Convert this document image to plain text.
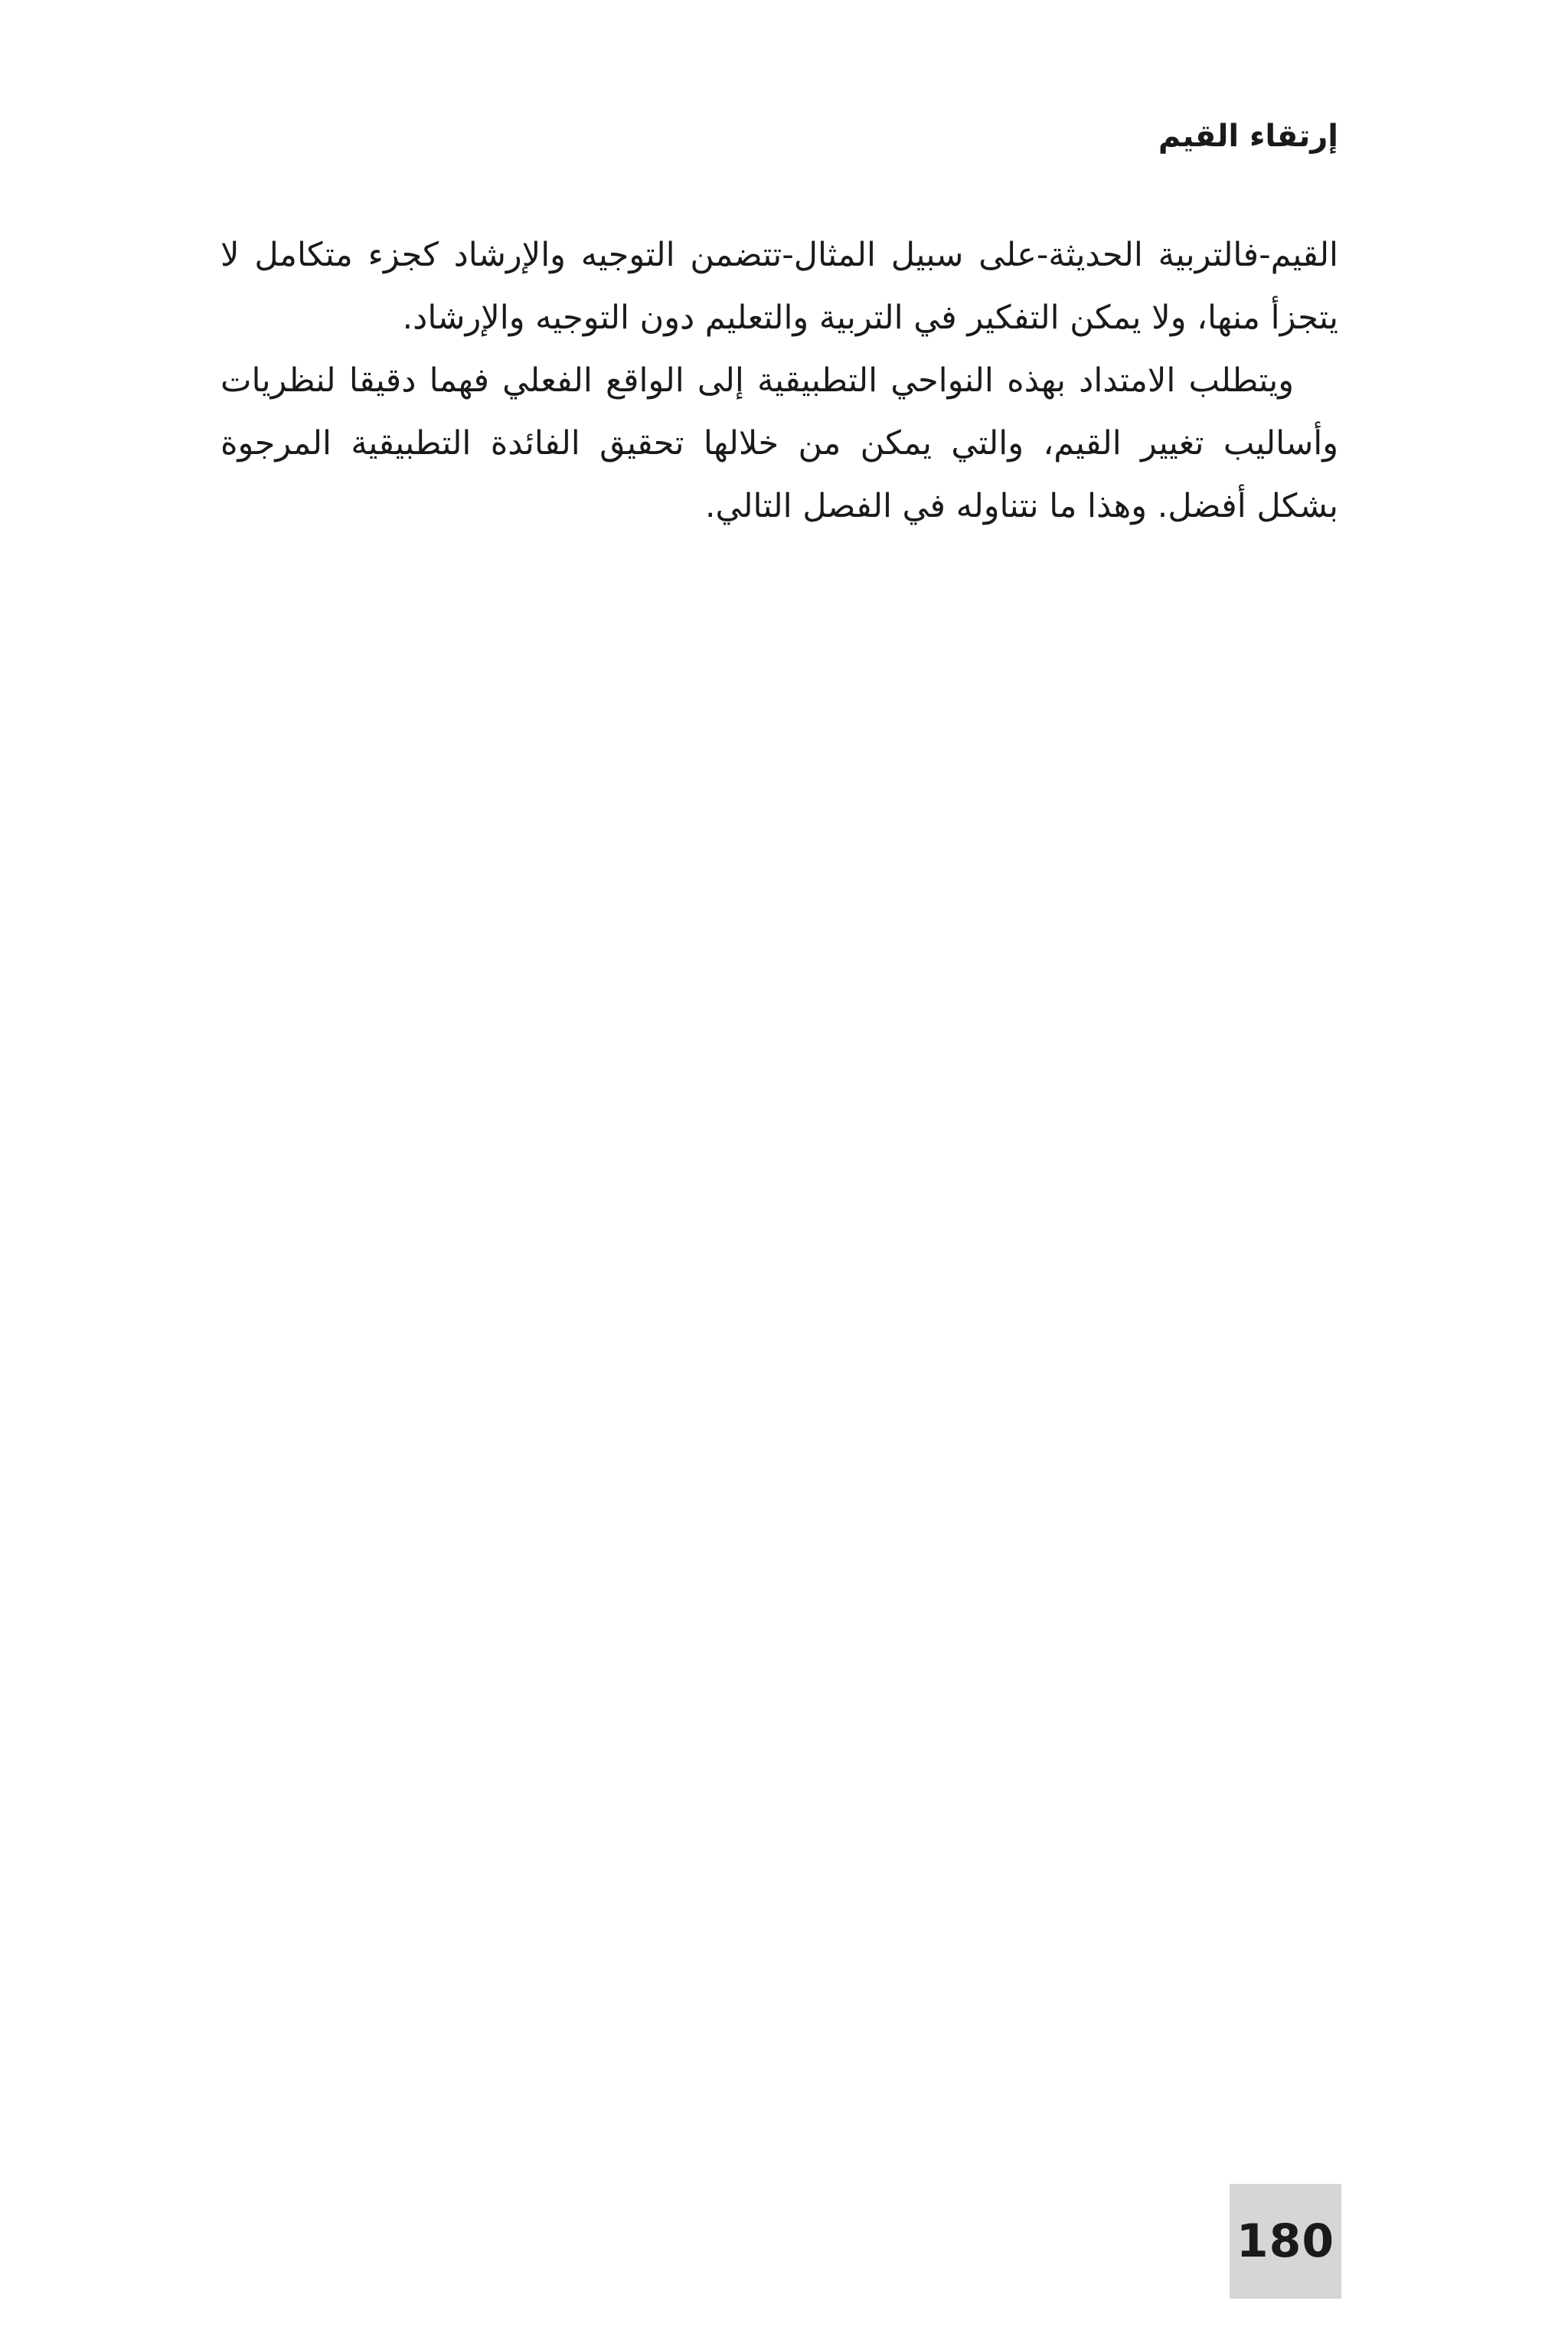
إرتقاء القيم

القيم-فالتربية الحديثة-على سبيل المثال-تتضمن التوجيه والإرشاد كجزء متكامل لا يتجزأ منها، ولا يمكن التفكير في التربية والتعليم دون التوجيه والإرشاد.

ويتطلب الامتداد بهذه النواحي التطبيقية إلى الواقع الفعلي فهما دقيقا لنظريات وأساليب تغيير القيم، والتي يمكن من خلالها تحقيق الفائدة التطبيقية المرجوة بشكل أفضل. وهذا ما نتناوله في الفصل التالي.

180
